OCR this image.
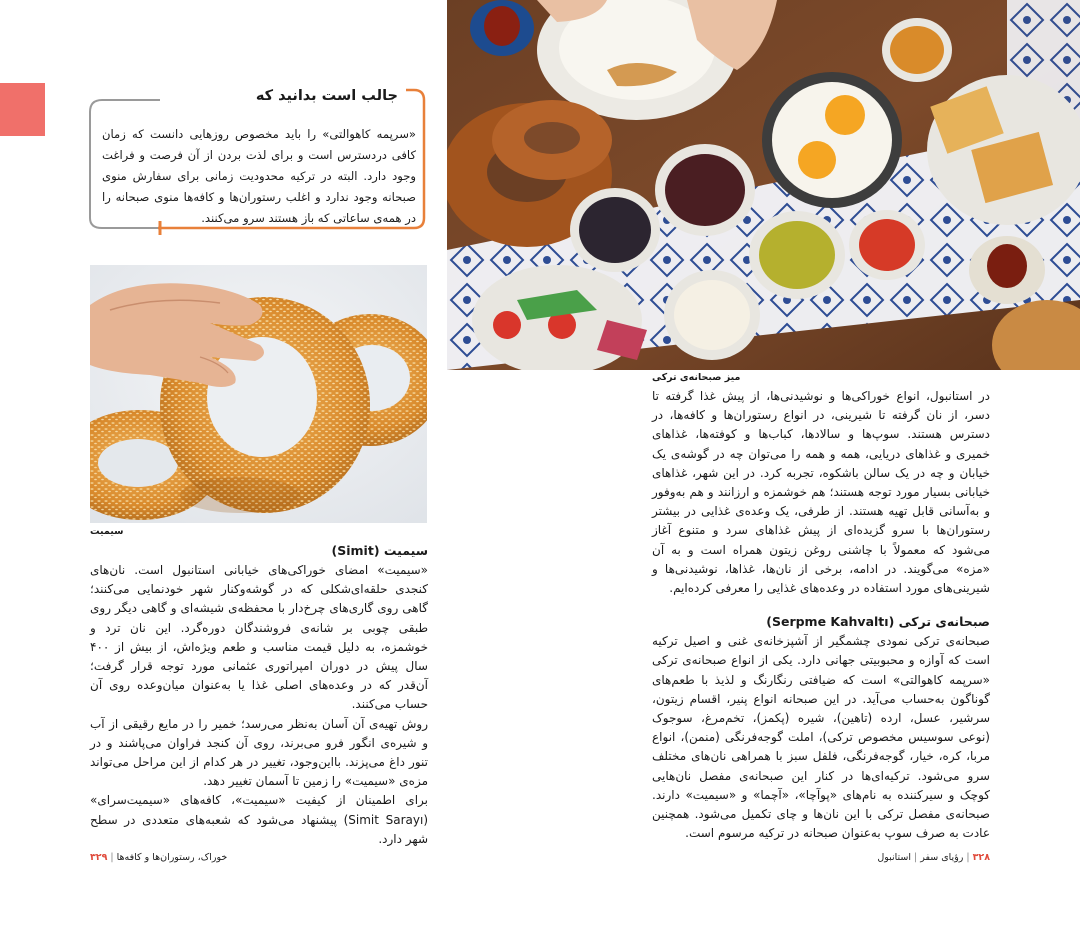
جالب است بدانید که
«سرپمه کاهوالتی» را باید مخصوص روزهایی دانست که زمان کافی دردسترس است و برای لذت بردن از آن فرصت و فراغت وجود دارد. البته در ترکیه محدودیت زمانی برای سفارش منوی صبحانه وجود ندارد و اغلب رستوران‌ها و کافه‌ها منوی صبحانه را در همه‌ی ساعاتی که باز هستند سرو می‌کنند.
سیمیت
سیمیت (Simit)
«سیمیت» امضای خوراکی‌های خیابانی استانبول است. نان‌های کنجدی حلقه‌ای‌شکلی که در گوشه‌وکنار شهر خودنمایی می‌کنند؛ گاهی روی گاری‌های چرخ‌دار با محفظه‌ی شیشه‌ای و گاهی دیگر روی طبقی چوبی بر شانه‌ی فروشندگان دوره‌گرد. این نان ترد و خوشمزه، به دلیل قیمت مناسب و طعم ویژه‌اش، از بیش از ۴۰۰ سال پیش در دوران امپراتوری عثمانی مورد توجه قرار گرفت؛ آن‌قدر که در وعده‌های اصلی غذا یا به‌عنوان میان‌وعده روی آن حساب می‌کنند.
روش تهیه‌ی آن آسان به‌نظر می‌رسد؛ خمیر را در مایع رقیقی از آب و شیره‌ی انگور فرو می‌برند، روی آن کنجد فراوان می‌پاشند و در تنور داغ می‌پزند. بااین‌وجود، تغییر در هر کدام از این مراحل می‌تواند مزه‌ی «سیمیت» را زمین تا آسمان تغییر دهد.
برای اطمینان از کیفیت «سیمیت»، کافه‌های «سیمیت‌سرای» (Simit Sarayı) پیشنهاد می‌شود که شعبه‌های متعددی در سطح شهر دارد.
میز صبحانه‌ی ترکی
در استانبول، انواع خوراکی‌ها و نوشیدنی‌ها، از پیش غذا گرفته تا دسر، از نان گرفته تا شیرینی، در انواع رستوران‌ها و کافه‌ها، در دسترس هستند. سوپ‌ها و سالادها، کباب‌ها و کوفته‌ها، غذاهای خمیری و غذاهای دریایی، همه و همه را می‌توان چه در گوشه‌ی یک خیابان و چه در یک سالن باشکوه، تجربه کرد. در این شهر، غذاهای خیابانی بسیار مورد توجه هستند؛ هم خوشمزه و ارزانند و هم به‌وفور و به‌آسانی قابل تهیه هستند. از طرفی، یک وعده‌ی غذایی در بیشتر رستوران‌ها با سرو گزیده‌ای از پیش غذاهای سرد و متنوع آغاز می‌شود که معمولاً با چاشنی روغن زیتون همراه است و به آن «مزه» می‌گویند. در ادامه، برخی از نان‌ها، غذاها، نوشیدنی‌ها و شیرینی‌های مورد استفاده در وعده‌های غذایی را معرفی کرده‌ایم.
صبحانه‌ی ترکی (Serpme Kahvaltı)
صبحانه‌ی ترکی نمودی چشمگیر از آشپزخانه‌ی غنی و اصیل ترکیه است که آوازه و محبوبیتی جهانی دارد. یکی از انواع صبحانه‌ی ترکی «سرپمه کاهوالتی» است که ضیافتی رنگارنگ و لذیذ با طعم‌های گوناگون به‌حساب می‌آید. در این صبحانه انواع پنیر، اقسام زیتون، سرشیر، عسل، ارده (تاهین)، شیره (پکمز)، تخم‌مرغ، سوجوک (نوعی سوسیس مخصوص ترکی)، املت گوجه‌فرنگی (منمن)، انواع مربا، کره، خیار، گوجه‌فرنگی، فلفل سبز با همراهی نان‌های مختلف سرو می‌شود. ترکیه‌ای‌ها در کنار این صبحانه‌ی مفصل نان‌هایی کوچک و سیرکننده به نام‌های «پوآچا»، «آچما» و «سیمیت» دارند. صبحانه‌ی مفصل ترکی با این نان‌ها و چای تکمیل می‌شود. همچنین عادت به صرف سوپ به‌عنوان صبحانه در ترکیه مرسوم است.
خوراک، رستوران‌ها و کافه‌ها|۳۲۹	۳۲۸|رؤیای سفر|استانبول
